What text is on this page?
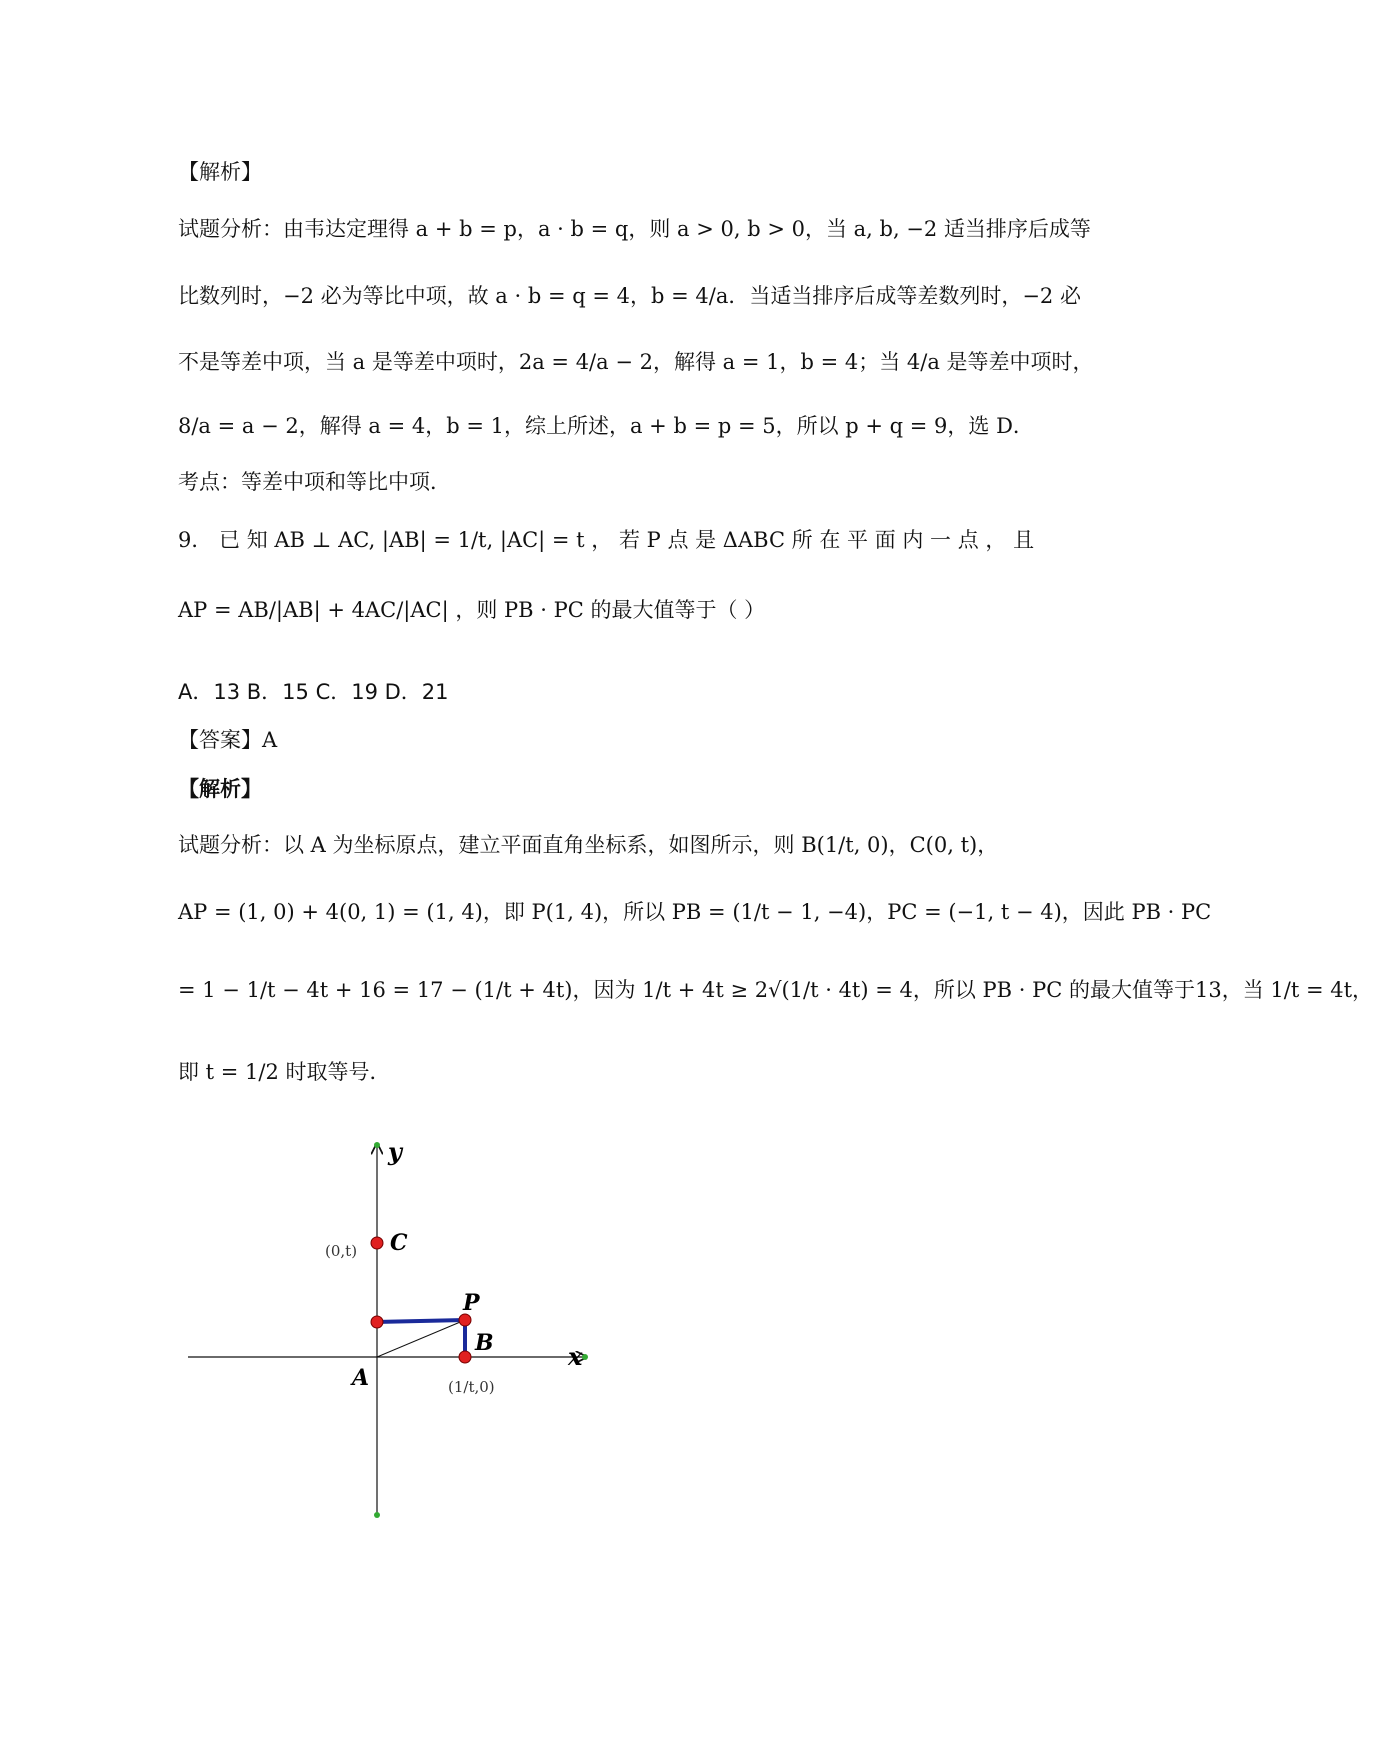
【解析】
试题分析：由韦达定理得 a + b = p，a · b = q，则 a > 0, b > 0，当 a, b, −2 适当排序后成等
比数列时，−2 必为等比中项，故 a · b = q = 4，b = 4/a．当适当排序后成等差数列时，−2 必
不是等差中项，当 a 是等差中项时，2a = 4/a − 2，解得 a = 1，b = 4；当 4/a 是等差中项时，
8/a = a − 2，解得 a = 4，b = 1，综上所述，a + b = p = 5，所以 p + q = 9，选 D．
考点：等差中项和等比中项．
9． 已 知 AB ⊥ AC, |AB| = 1/t, |AC| = t ， 若 P 点 是 ΔABC 所 在 平 面 内 一 点 ， 且
AP = AB/|AB| + 4AC/|AC| ，则 PB · PC 的最大值等于（ ）
A．13 B．15 C．19 D．21
【答案】A
【解析】
试题分析：以 A 为坐标原点，建立平面直角坐标系，如图所示，则 B(1/t, 0)，C(0, t)，
AP = (1, 0) + 4(0, 1) = (1, 4)，即 P(1, 4)，所以 PB = (1/t − 1, −4)，PC = (−1, t − 4)，因此 PB · PC
= 1 − 1/t − 4t + 16 = 17 − (1/t + 4t)，因为 1/t + 4t ≥ 2√(1/t · 4t) = 4，所以 PB · PC 的最大值等于13，当 1/t = 4t，
即 t = 1/2 时取等号．
y
x
A
B
C
P
(0,t)
(1/t,0)
